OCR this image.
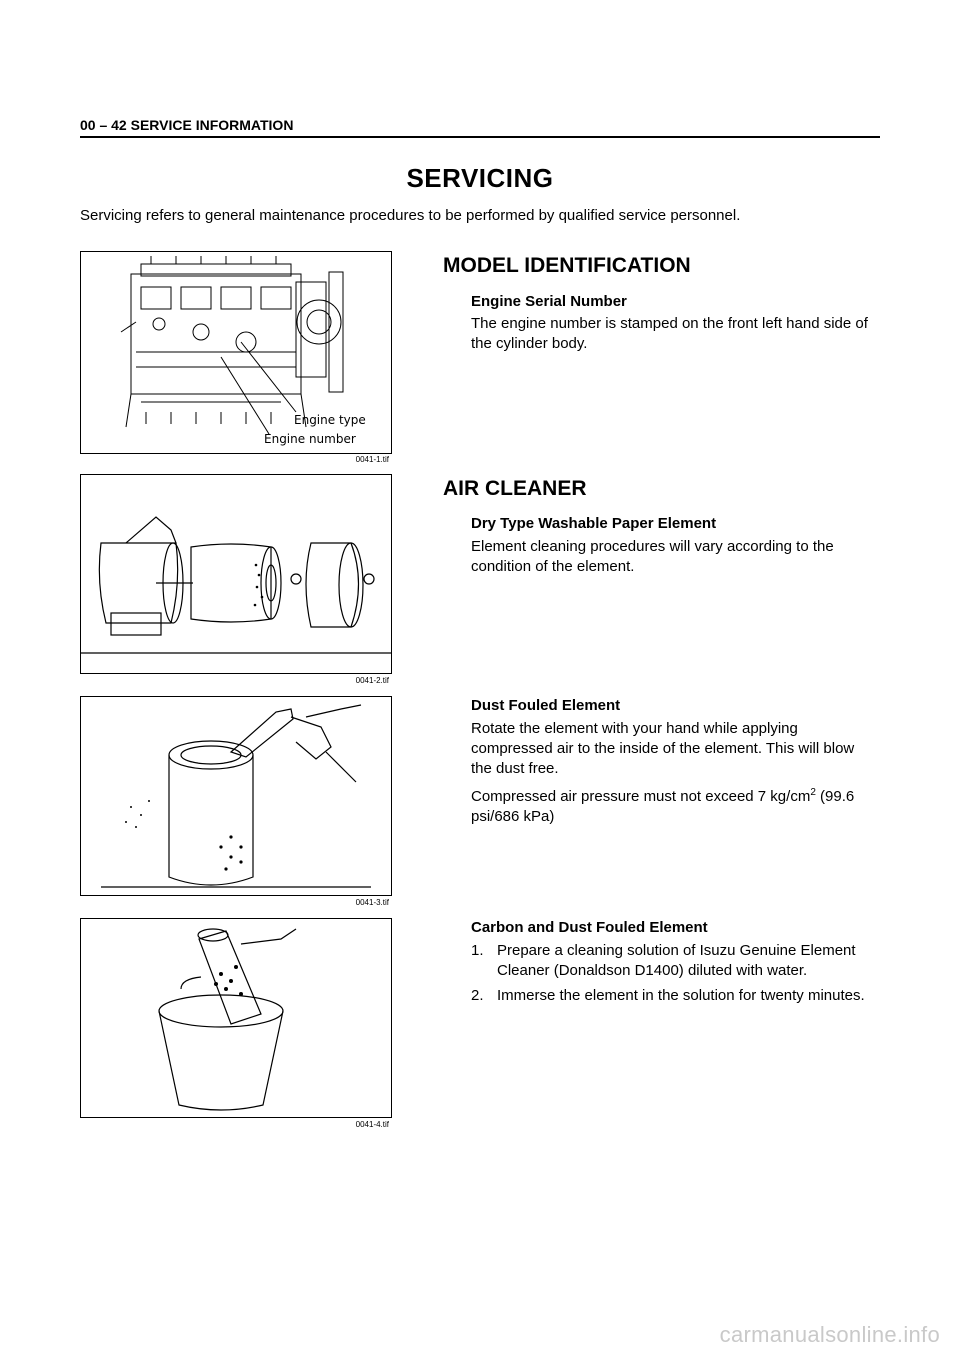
00 – 42 SERVICE INFORMATION
SERVICING
Servicing refers to general maintenance procedures to be performed by qualified service personnel.
Engine type
Engine number
0041-1.tif
0041-2.tif
0041-3.tif
0041-4.tif
MODEL IDENTIFICATION
Engine Serial Number

The engine number is stamped on the front left hand side of the cylinder body.

AIR CLEANER
Dry Type Washable Paper Element

Element cleaning procedures will vary according to the condition of the element.

Dust Fouled Element

Rotate the element with your hand while applying compressed air to the inside of the element. This will blow the dust free.

Compressed air pressure must not exceed 7 $kg/cm^2$ (99.6 psi/686 kPa)

Carbon and Dust Fouled Element
1. Prepare a cleaning solution of Isuzu Genuine Element Cleaner (Donaldson D1400) diluted with water.
2. Immerse the element in the solution for twenty minutes.
carmanualsonline.info
